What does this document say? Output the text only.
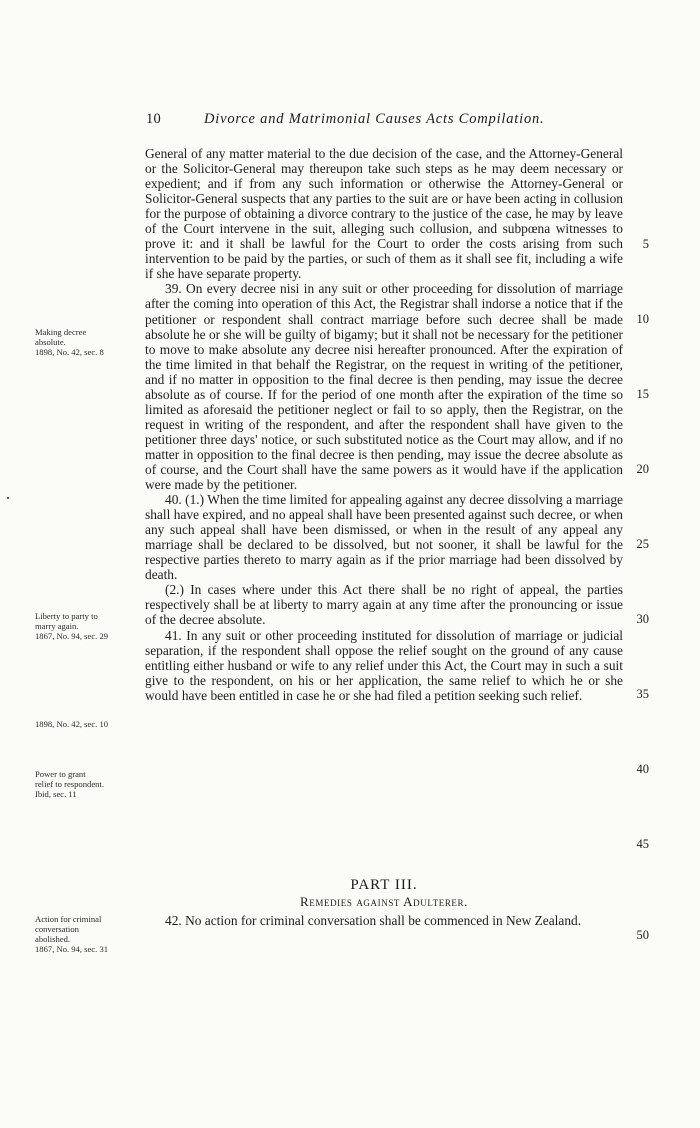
10	Divorce and Matrimonial Causes Acts Compilation.

General of any matter material to the due decision of the case, and the Attorney-General or the Solicitor-General may thereupon take such steps as he may deem necessary or expedient; and if from any such information or otherwise the Attorney-General or Solicitor-General suspects that any parties to the suit are or have been acting in collusion for the purpose of obtaining a divorce contrary to the justice of the case, he may by leave of the Court intervene in the suit, alleging such collusion, and subpœna witnesses to prove it: and it shall be lawful for the Court to order the costs arising from such intervention to be paid by the parties, or such of them as it shall see fit, including a wife if she have separate property.

39. On every decree nisi in any suit or other proceeding for dissolution of marriage after the coming into operation of this Act, the Registrar shall indorse a notice that if the petitioner or respondent shall contract marriage before such decree shall be made absolute he or she will be guilty of bigamy; but it shall not be necessary for the petitioner to move to make absolute any decree nisi hereafter pronounced. After the expiration of the time limited in that behalf the Registrar, on the request in writing of the petitioner, and if no matter in opposition to the final decree is then pending, may issue the decree absolute as of course. If for the period of one month after the expiration of the time so limited as aforesaid the petitioner neglect or fail to so apply, then the Registrar, on the request in writing of the respondent, and after the respondent shall have given to the petitioner three days' notice, or such substituted notice as the Court may allow, and if no matter in opposition to the final decree is then pending, may issue the decree absolute as of course, and the Court shall have the same powers as it would have if the application were made by the petitioner.

40. (1.) When the time limited for appealing against any decree dissolving a marriage shall have expired, and no appeal shall have been presented against such decree, or when any such appeal shall have been dismissed, or when in the result of any appeal any marriage shall be declared to be dissolved, but not sooner, it shall be lawful for the respective parties thereto to marry again as if the prior marriage had been dissolved by death.

(2.) In cases where under this Act there shall be no right of appeal, the parties respectively shall be at liberty to marry again at any time after the pronouncing or issue of the decree absolute.

41. In any suit or other proceeding instituted for dissolution of marriage or judicial separation, if the respondent shall oppose the relief sought on the ground of any cause entitling either husband or wife to any relief under this Act, the Court may in such a suit give to the respondent, on his or her application, the same relief to which he or she would have been entitled in case he or she had filed a petition seeking such relief.

PART III.
Remedies against Adulterer.

42. No action for criminal conversation shall be commenced in New Zealand.

Making decree
absolute.
1898, No. 42, sec. 8
Liberty to party to
marry again.
1867, No. 94, sec. 29
1898, No. 42, sec. 10
Power to grant
relief to respondent.
Ibid, sec. 11
Action for criminal
conversation
abolished.
1867, No. 94, sec. 31
5
10
15
20
25
30
35
40
45
50
